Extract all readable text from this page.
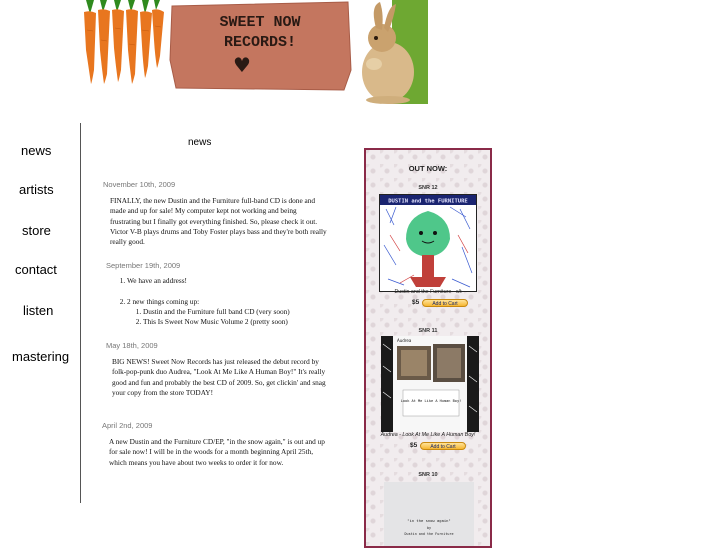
SWEET NOW
RECORDS!
♥
news
artists
store
contact
listen
mastering
news
November 10th, 2009

FINALLY, the new Dustin and the Furniture full-band CD is done and made and up for sale! My computer kept not working and being frustrating but I finally got everything finished. So, please check it out. Victor V-B plays drums and Toby Foster plays bass and they're both really really good.

September 19th, 2009
1. We have an address!

2. 2 new things coming up:
1. Dustin and the Furniture full band CD (very soon)
2. This Is Sweet Now Music Volume 2 (pretty soon)
May 18th, 2009

BIG NEWS! Sweet Now Records has just released the debut record by folk-pop-punk duo Audrea, "Look At Me Like A Human Boy!" It's really good and fun and probably the best CD of 2009. So, get clickin' and snag your copy from the store TODAY!

April 2nd, 2009

A new Dustin and the Furniture CD/EP, "in the snow again," is out and up for sale now! I will be in the woods for a month beginning April 25th, which means you have about two weeks to order it for now.

OUT NOW:
SNR 12
DUSTIN and the FURNITURE
Dustin and the Furniture - s/t
$5	Add to Cart
SNR 11
Audrea
Look At Me Like A Human Boy!
Audrea - Look At Me Like A Human Boy!
$5	Add to Cart
SNR 10
"in the snow again"
by
Dustin and the Furniture
